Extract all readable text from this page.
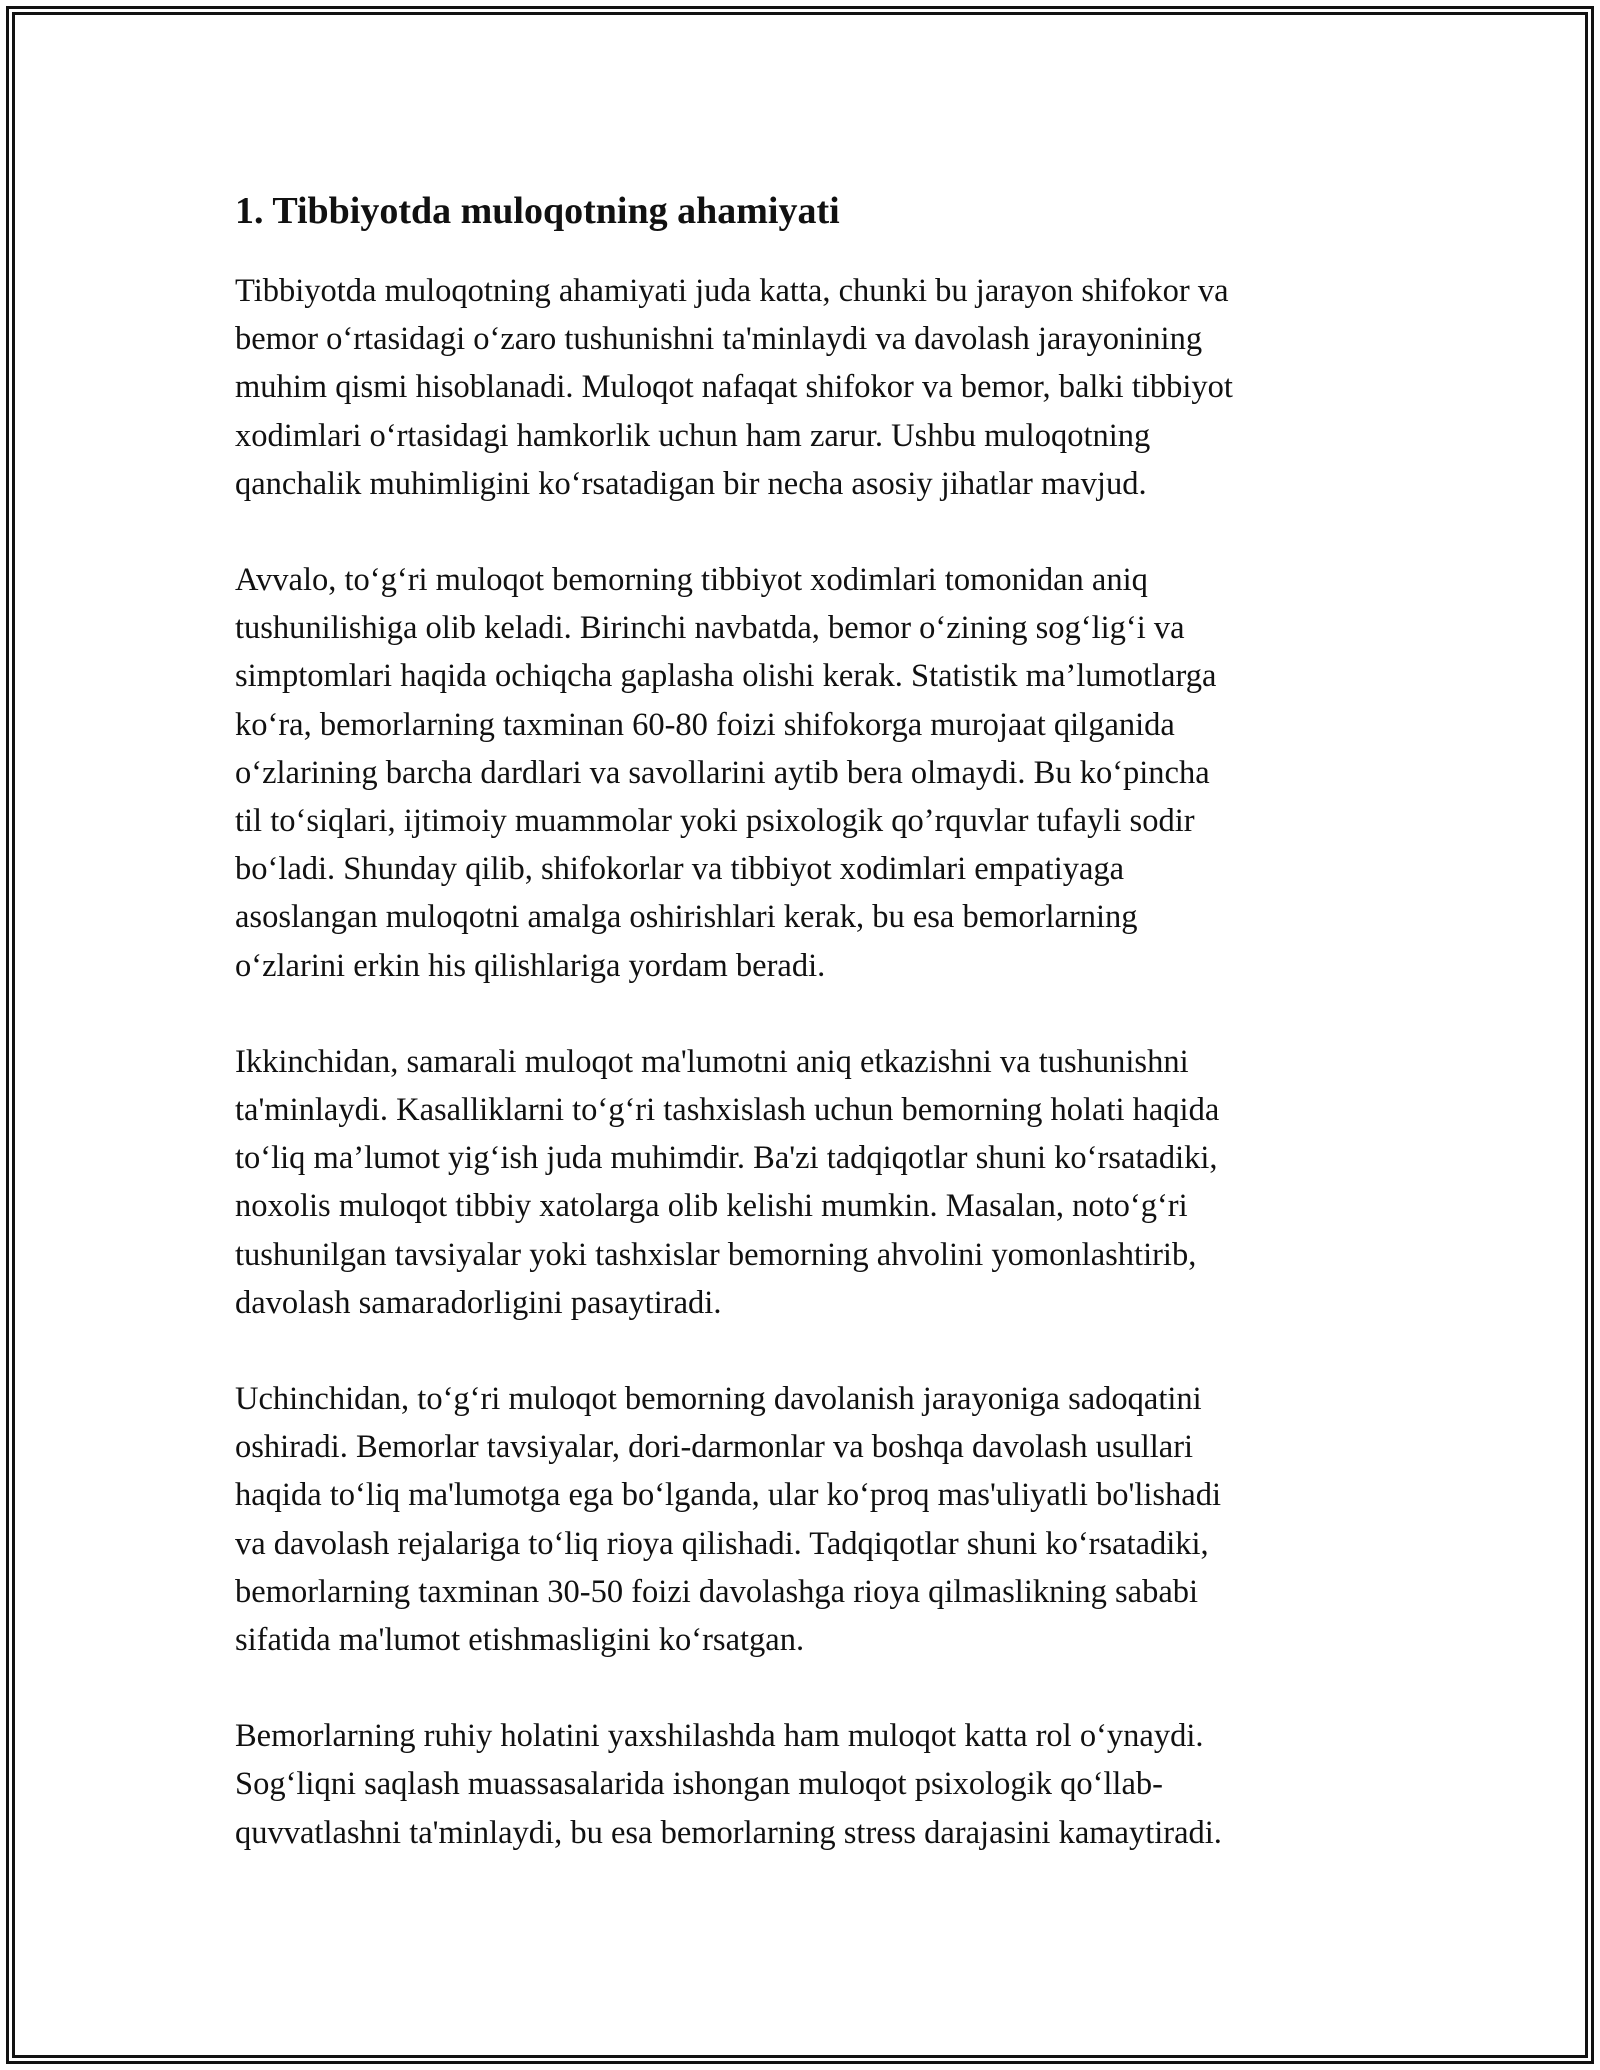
1. Tibbiyotda muloqotning ahamiyati
Tibbiyotda muloqotning ahamiyati juda katta, chunki bu jarayon shifokor va
bemor o‘rtasidagi o‘zaro tushunishni ta'minlaydi va davolash jarayonining
muhim qismi hisoblanadi. Muloqot nafaqat shifokor va bemor, balki tibbiyot
xodimlari o‘rtasidagi hamkorlik uchun ham zarur. Ushbu muloqotning
qanchalik muhimligini ko‘rsatadigan bir necha asosiy jihatlar mavjud.
Avvalo, to‘g‘ri muloqot bemorning tibbiyot xodimlari tomonidan aniq
tushunilishiga olib keladi. Birinchi navbatda, bemor o‘zining sog‘lig‘i va
simptomlari haqida ochiqcha gaplasha olishi kerak. Statistik ma’lumotlarga
ko‘ra, bemorlarning taxminan 60-80 foizi shifokorga murojaat qilganida
o‘zlarining barcha dardlari va savollarini aytib bera olmaydi. Bu ko‘pincha
til to‘siqlari, ijtimoiy muammolar yoki psixologik qo’rquvlar tufayli sodir
bo‘ladi. Shunday qilib, shifokorlar va tibbiyot xodimlari empatiyaga
asoslangan muloqotni amalga oshirishlari kerak, bu esa bemorlarning
o‘zlarini erkin his qilishlariga yordam beradi.
Ikkinchidan, samarali muloqot ma'lumotni aniq etkazishni va tushunishni
ta'minlaydi. Kasalliklarni to‘g‘ri tashxislash uchun bemorning holati haqida
to‘liq ma’lumot yig‘ish juda muhimdir. Ba'zi tadqiqotlar shuni ko‘rsatadiki,
noxolis muloqot tibbiy xatolarga olib kelishi mumkin. Masalan, noto‘g‘ri
tushunilgan tavsiyalar yoki tashxislar bemorning ahvolini yomonlashtirib,
davolash samaradorligini pasaytiradi.
Uchinchidan, to‘g‘ri muloqot bemorning davolanish jarayoniga sadoqatini
oshiradi. Bemorlar tavsiyalar, dori-darmonlar va boshqa davolash usullari
haqida to‘liq ma'lumotga ega bo‘lganda, ular ko‘proq mas'uliyatli bo'lishadi
va davolash rejalariga to‘liq rioya qilishadi. Tadqiqotlar shuni ko‘rsatadiki,
bemorlarning taxminan 30-50 foizi davolashga rioya qilmaslikning sababi
sifatida ma'lumot etishmasligini ko‘rsatgan.
Bemorlarning ruhiy holatini yaxshilashda ham muloqot katta rol o‘ynaydi.
Sog‘liqni saqlash muassasalarida ishongan muloqot psixologik qo‘llab-
quvvatlashni ta'minlaydi, bu esa bemorlarning stress darajasini kamaytiradi.
